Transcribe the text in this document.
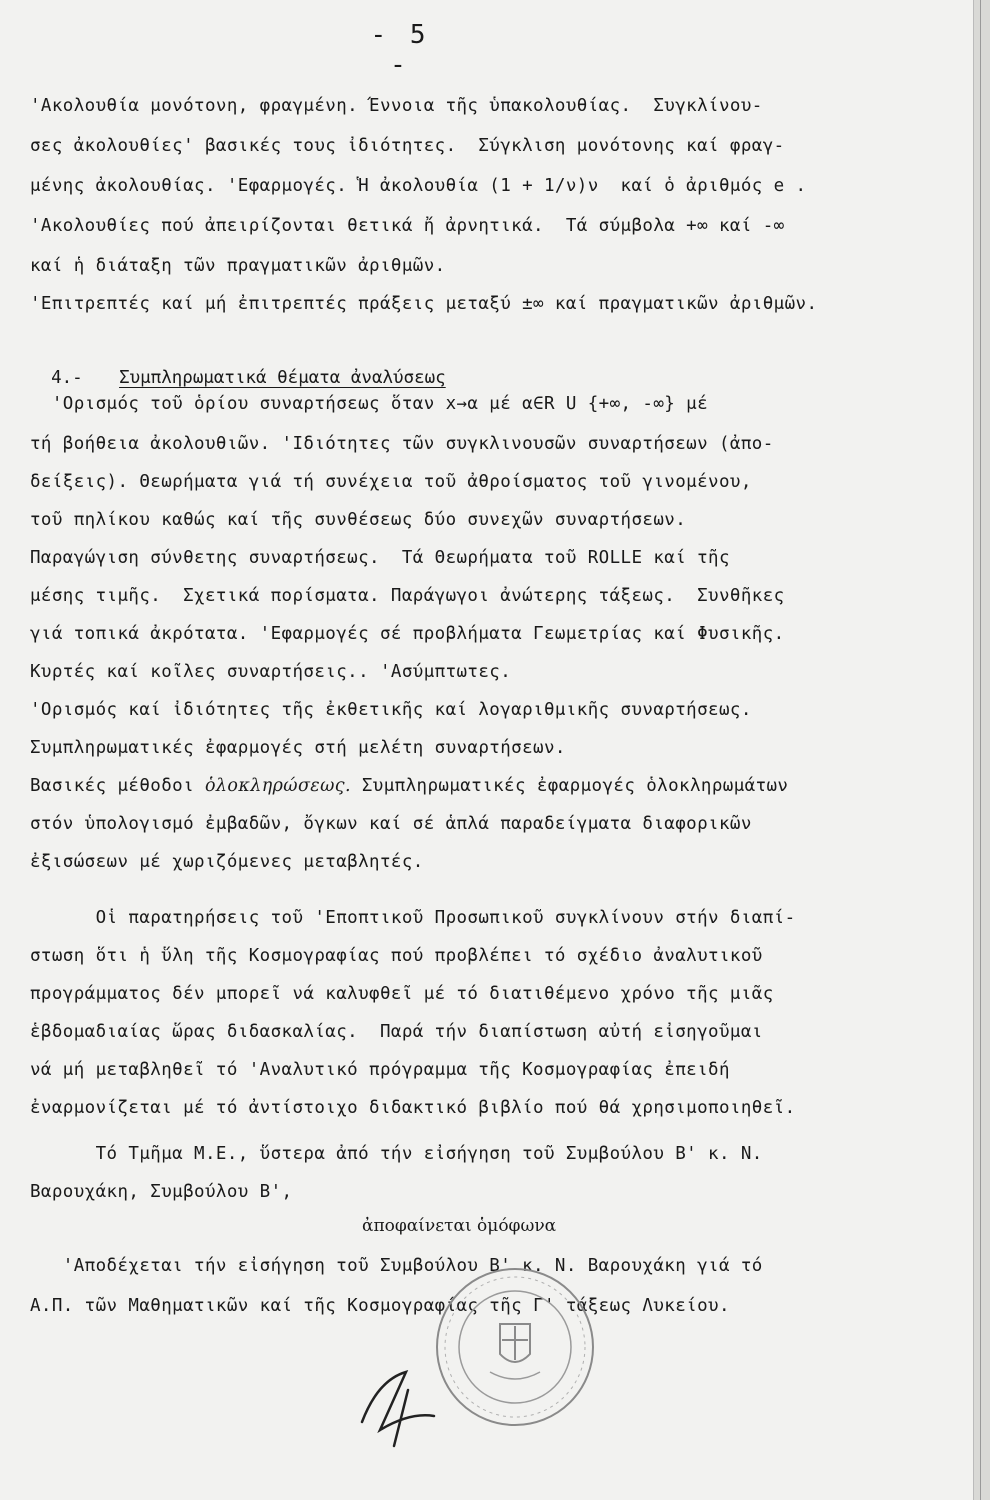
- 5 -
'Ακολουθία μονότονη, φραγμένη. Έννοια τῆς ὑπακολουθίας.  Συγκλίνου-
σες ἀκολουθίες' βασικές τους ἰδιότητες.  Σύγκλιση μονότονης καί φραγ-
μένης ἀκολουθίας. 'Εφαρμογές. Ἡ ἀκολουθία (1 + 1/ν)ν  καί ὁ ἀριθμός e .
'Ακολουθίες πού ἀπειρίζονται θετικά ἤ ἀρνητικά.  Τά σύμβολα +∞ καί -∞
καί ἡ διάταξη τῶν πραγματικῶν ἀριθμῶν.
'Επιτρεπτές καί μή ἐπιτρεπτές πράξεις μεταξύ ±∞ καί πραγματικῶν ἀριθμῶν.

4.- Συμπληρωματικά θέματα ἀναλύσεως

'Ορισμός τοῦ ὁρίου συναρτήσεως ὅταν x→α μέ α∈R U {+∞, -∞} μέ
τή βοήθεια ἀκολουθιῶν. 'Ιδιότητες τῶν συγκλινουσῶν συναρτήσεων (ἀπο-
δείξεις). Θεωρήματα γιά τή συνέχεια τοῦ ἀθροίσματος τοῦ γινομένου,
τοῦ πηλίκου καθώς καί τῆς συνθέσεως δύο συνεχῶν συναρτήσεων.
Παραγώγιση σύνθετης συναρτήσεως.  Τά Θεωρήματα τοῦ ROLLE καί τῆς
μέσης τιμῆς.  Σχετικά πορίσματα. Παράγωγοι ἀνώτερης τάξεως.  Συνθῆκες
γιά τοπικά ἀκρότατα. 'Εφαρμογές σέ προβλήματα Γεωμετρίας καί Φυσικῆς.
Κυρτές καί κοῖλες συναρτήσεις.. 'Ασύμπτωτες.
'Ορισμός καί ἰδιότητες τῆς ἐκθετικῆς καί λογαριθμικῆς συναρτήσεως.
Συμπληρωματικές ἐφαρμογές στή μελέτη συναρτήσεων.
Βασικές μέθοδοι ὁλοκληρώσεως. Συμπληρωματικές ἐφαρμογές ὁλοκληρωμάτων
στόν ὑπολογισμό ἐμβαδῶν, ὄγκων καί σέ ἁπλά παραδείγματα διαφορικῶν
ἐξισώσεων μέ χωριζόμενες μεταβλητές.
Οἱ παρατηρήσεις τοῦ 'Εποπτικοῦ Προσωπικοῦ συγκλίνουν στήν διαπί-
στωση ὅτι ἡ ὕλη τῆς Κοσμογραφίας πού προβλέπει τό σχέδιο ἀναλυτικοῦ
προγράμματος δέν μπορεῖ νά καλυφθεῖ μέ τό διατιθέμενο χρόνο τῆς μιᾶς
ἑβδομαδιαίας ὥρας διδασκαλίας.  Παρά τήν διαπίστωση αὐτή εἰσηγοῦμαι
νά μή μεταβληθεῖ τό 'Αναλυτικό πρόγραμμα τῆς Κοσμογραφίας ἐπειδή
ἐναρμονίζεται μέ τό ἀντίστοιχο διδακτικό βιβλίο πού θά χρησιμοποιηθεῖ.
Τό Τμῆμα Μ.Ε., ὕστερα ἀπό τήν εἰσήγηση τοῦ Συμβούλου Β' κ. Ν.
Βαρουχάκη, Συμβούλου Β',
ἀποφαίνεται ὁμόφωνα
'Αποδέχεται τήν εἰσήγηση τοῦ Συμβούλου Β' κ. Ν. Βαρουχάκη γιά τό
Α.Π. τῶν Μαθηματικῶν καί τῆς Κοσμογραφίας τῆς Γ' τάξεως Λυκείου.
